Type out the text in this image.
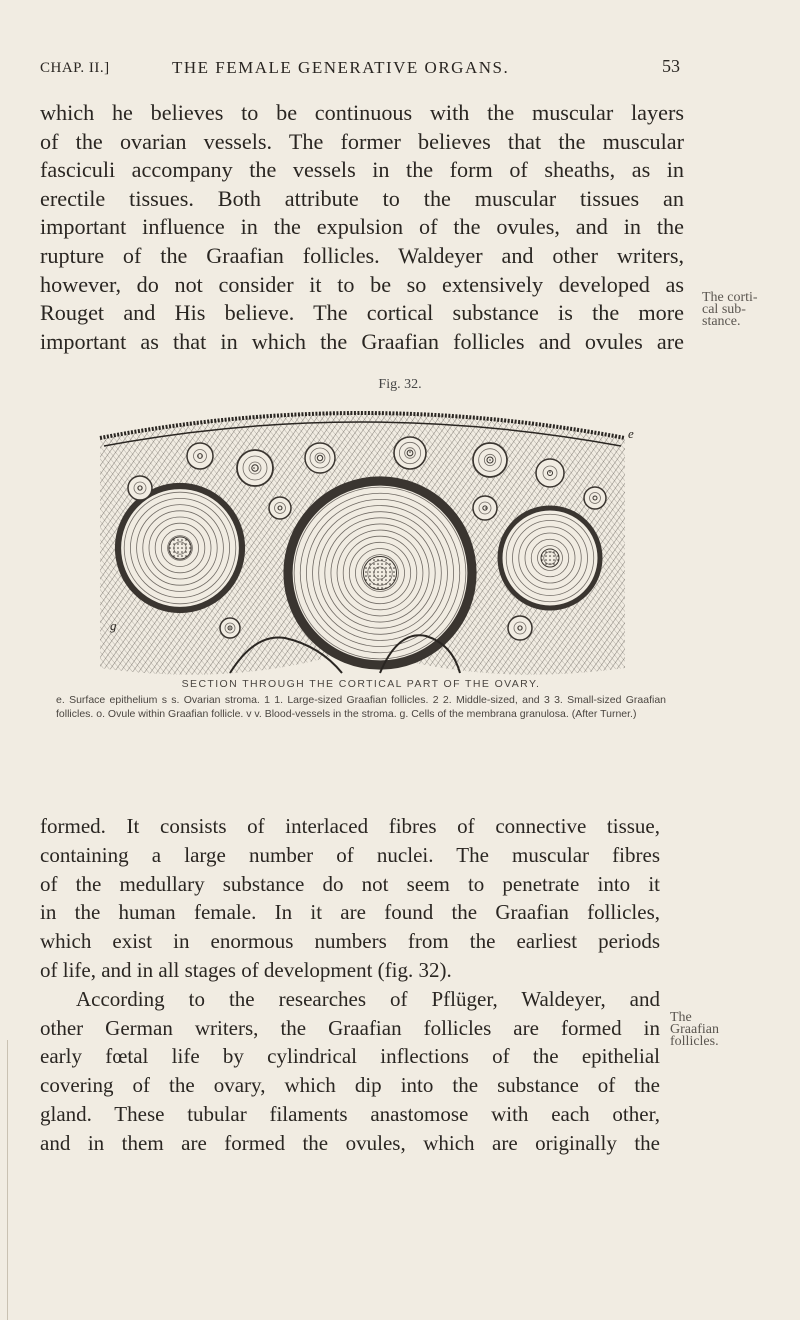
CHAP. II.]	THE FEMALE GENERATIVE ORGANS.	53

which he believes to be continuous with the muscular layers
of the ovarian vessels. The former believes that the muscular
fasciculi accompany the vessels in the form of sheaths, as in
erectile tissues. Both attribute to the muscular tissues an
important influence in the expulsion of the ovules, and in the
rupture of the Graafian follicles. Waldeyer and other writers,
however, do not consider it to be so extensively developed as
Rouget and His believe. The cortical substance is the more
important as that in which the Graafian follicles and ovules are

The corti-
cal sub-
stance.
Fig. 32.
e
g
SECTION THROUGH THE CORTICAL PART OF THE OVARY.
e. Surface epithelium s s. Ovarian stroma. 1 1. Large-sized Graafian follicles. 2 2. Middle-sized, and 3 3. Small-sized Graafian follicles. o. Ovule within Graafian follicle. v v. Blood-vessels in the stroma. g. Cells of the membrana granulosa. (After Turner.)

formed. It consists of interlaced fibres of connective tissue,
containing a large number of nuclei. The muscular fibres
of the medullary substance do not seem to penetrate into it
in the human female. In it are found the Graafian follicles,
which exist in enormous numbers from the earliest periods
of life, and in all stages of development (fig. 32).
According to the researches of Pflüger, Waldeyer, and
other German writers, the Graafian follicles are formed in
early fœtal life by cylindrical inflections of the epithelial
covering of the ovary, which dip into the substance of the
gland. These tubular filaments anastomose with each other,
and in them are formed the ovules, which are originally the

The
Graafian
follicles.
